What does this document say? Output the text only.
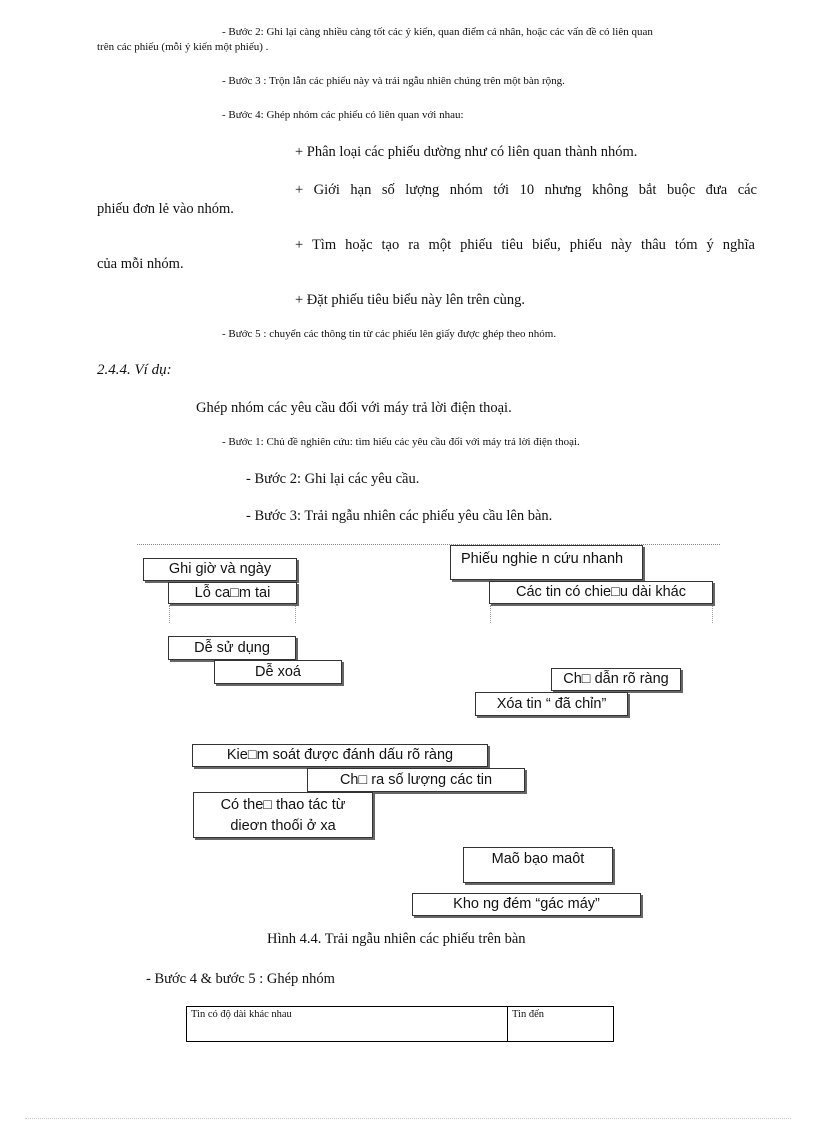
- Bước 2: Ghi lại càng nhiều càng tốt các ý kiến, quan điểm cá nhân, hoặc các vấn đề có liên quan
trên các phiếu (mỗi ý kiến một phiếu) .
- Bước 3 : Trộn lẫn các phiếu này và trải ngẫu nhiên chúng trên một bàn rộng.
- Bước 4: Ghép nhóm các phiếu có liên quan với nhau:
+ Phân loại các phiếu dường như có liên quan thành nhóm.
+ Giới hạn số lượng nhóm tới 10 nhưng không bắt buộc đưa các
phiếu đơn lẻ vào nhóm.
+ Tìm hoặc tạo ra một phiếu tiêu biểu, phiếu này thâu tóm ý nghĩa
của mỗi nhóm.
+ Đặt phiếu tiêu biểu này lên trên cùng.
- Bước 5 : chuyển các thông tin từ các phiếu lên giấy được ghép theo nhóm.
2.4.4. Ví dụ:
Ghép nhóm các yêu cầu đối với máy trả lời điện thoại.
- Bước 1: Chủ đề nghiên cứu: tìm hiểu các yêu cầu đối với máy trả lời điện thoại.
- Bước 2: Ghi lại các yêu cầu.
- Bước 3: Trải ngẫu nhiên các phiếu yêu cầu lên bàn.
Ghi giờ và ngày
Lỗ ca□m tai
Phiếu nghie n cứu nhanh
Các tin có chie□u dài khác
Dễ sử dụng
Dễ xoá	Ch□ dẫn rõ ràng
Xóa tin “ đã chỉn”
Kie□m soát được đánh dấu rõ ràng
Ch□ ra số lượng các tin
Có the□ thao tác từ
dieơn thoối ở xa
Maõ bạo maôt
Kho ng đém “gác máy”
Hình 4.4. Trải ngẫu nhiên các phiếu trên bàn
- Bước 4 & bước 5 : Ghép nhóm
Tin có độ dài khác nhau	Tin đến
